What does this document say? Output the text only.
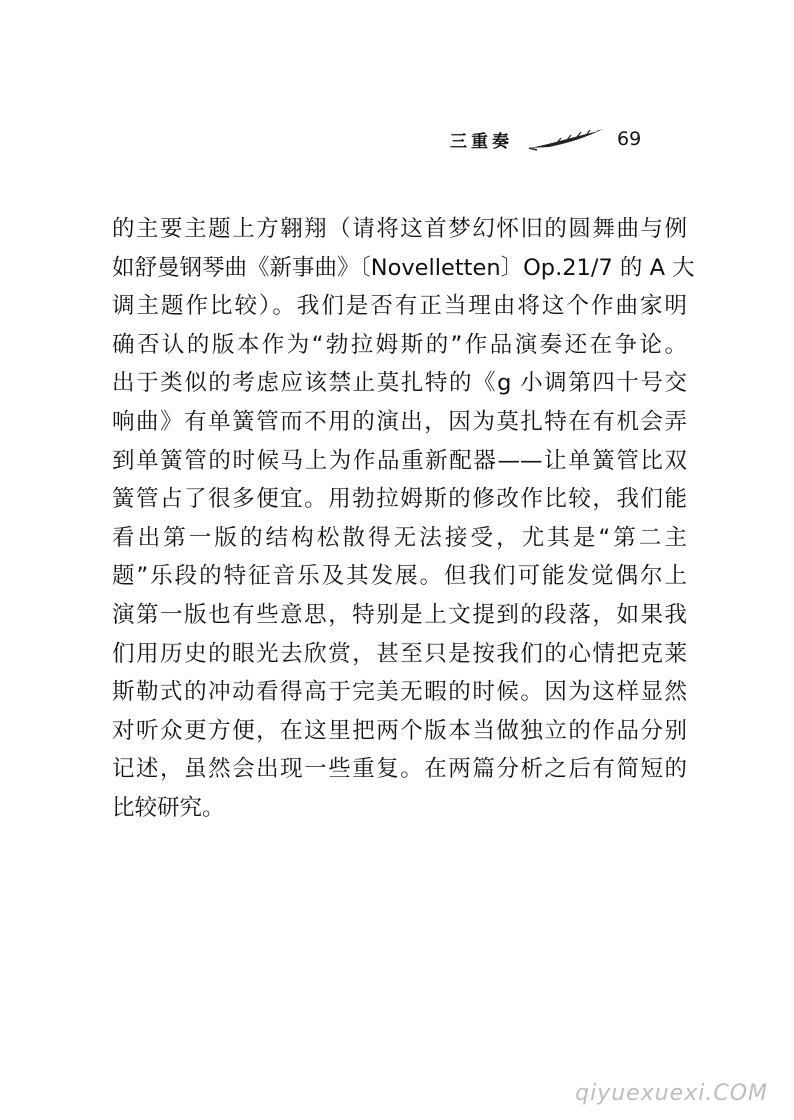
三重奏	69
的主要主题上方翱翔（请将这首梦幻怀旧的圆舞曲与例
如舒曼钢琴曲《新事曲》〔Novelletten〕Op.21/7 的 A 大
调主题作比较）。我们是否有正当理由将这个作曲家明
确否认的版本作为“勃拉姆斯的”作品演奏还在争论。
出于类似的考虑应该禁止莫扎特的《g 小调第四十号交
响曲》有单簧管而不用的演出，因为莫扎特在有机会弄
到单簧管的时候马上为作品重新配器——让单簧管比双
簧管占了很多便宜。用勃拉姆斯的修改作比较，我们能
看出第一版的结构松散得无法接受，尤其是“第二主
题”乐段的特征音乐及其发展。但我们可能发觉偶尔上
演第一版也有些意思，特别是上文提到的段落，如果我
们用历史的眼光去欣赏，甚至只是按我们的心情把克莱
斯勒式的冲动看得高于完美无暇的时候。因为这样显然
对听众更方便，在这里把两个版本当做独立的作品分别
记述，虽然会出现一些重复。在两篇分析之后有简短的
比较研究。
qiyuexuexi.COM
